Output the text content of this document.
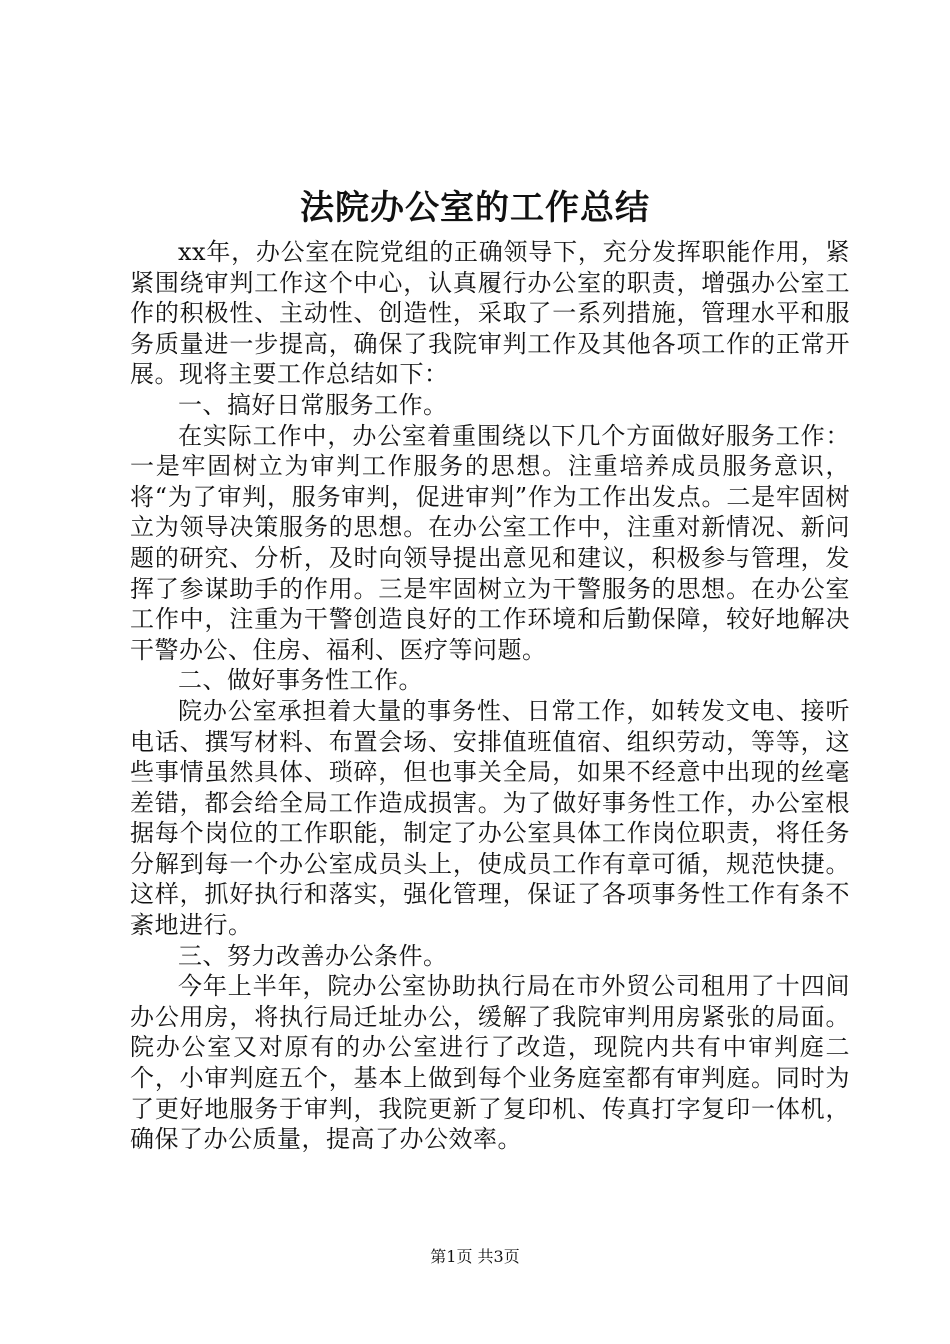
法院办公室的工作总结

xx年，办公室在院党组的正确领导下，充分发挥职能作用，紧紧围绕审判工作这个中心，认真履行办公室的职责，增强办公室工作的积极性、主动性、创造性，采取了一系列措施，管理水平和服务质量进一步提高，确保了我院审判工作及其他各项工作的正常开展。现将主要工作总结如下：

一、搞好日常服务工作。

在实际工作中，办公室着重围绕以下几个方面做好服务工作：一是牢固树立为审判工作服务的思想。注重培养成员服务意识，将“为了审判，服务审判，促进审判”作为工作出发点。二是牢固树立为领导决策服务的思想。在办公室工作中，注重对新情况、新问题的研究、分析，及时向领导提出意见和建议，积极参与管理，发挥了参谋助手的作用。三是牢固树立为干警服务的思想。在办公室工作中，注重为干警创造良好的工作环境和后勤保障，较好地解决干警办公、住房、福利、医疗等问题。

二、做好事务性工作。

院办公室承担着大量的事务性、日常工作，如转发文电、接听电话、撰写材料、布置会场、安排值班值宿、组织劳动，等等，这些事情虽然具体、琐碎，但也事关全局，如果不经意中出现的丝毫差错，都会给全局工作造成损害。为了做好事务性工作，办公室根据每个岗位的工作职能，制定了办公室具体工作岗位职责，将任务分解到每一个办公室成员头上，使成员工作有章可循，规范快捷。这样，抓好执行和落实，强化管理，保证了各项事务性工作有条不紊地进行。

三、努力改善办公条件。

今年上半年，院办公室协助执行局在市外贸公司租用了十四间办公用房，将执行局迁址办公，缓解了我院审判用房紧张的局面。院办公室又对原有的办公室进行了改造，现院内共有中审判庭二个，小审判庭五个，基本上做到每个业务庭室都有审判庭。同时为了更好地服务于审判，我院更新了复印机、传真打字复印一体机，确保了办公质量，提高了办公效率。

第1页 共3页
